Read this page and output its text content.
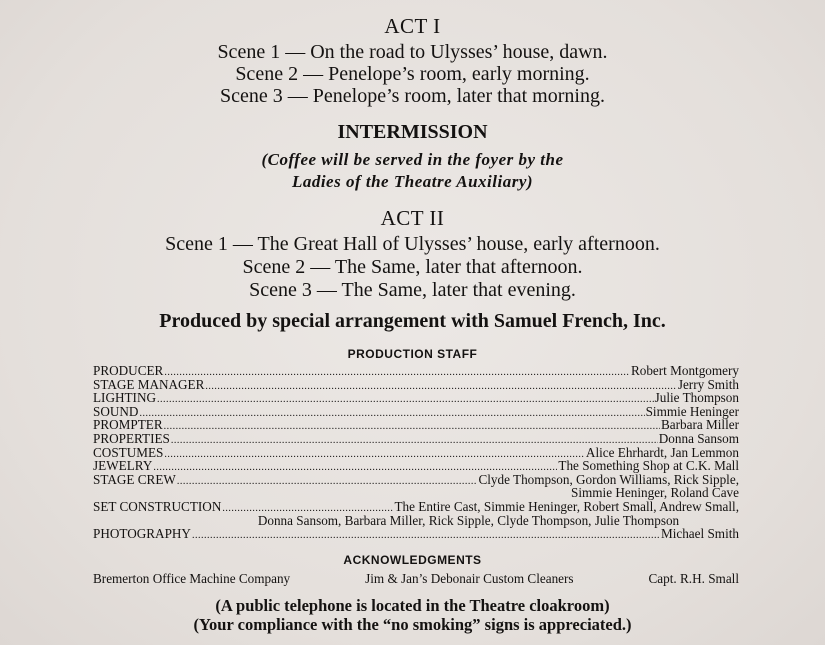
ACT I
Scene 1 — On the road to Ulysses’ house, dawn.
Scene 2 — Penelope’s room, early morning.
Scene 3 — Penelope’s room, later that morning.
INTERMISSION
(Coffee will be served in the foyer by the
Ladies of the Theatre Auxiliary)
ACT II
Scene 1 — The Great Hall of Ulysses’ house, early afternoon.
Scene 2 — The Same, later that afternoon.
Scene 3 — The Same, later that evening.
Produced by special arrangement with Samuel French, Inc.
PRODUCTION STAFF
PRODUCER .....	Robert Montgomery
STAGE MANAGER .....	Jerry Smith
LIGHTING .....	Julie Thompson
SOUND .....	Simmie Heninger
PROMPTER .....	Barbara Miller
PROPERTIES .....	Donna Sansom
COSTUMES .....	Alice Ehrhardt, Jan Lemmon
JEWELRY .....	The Something Shop at C.K. Mall
STAGE CREW .....	Clyde Thompson, Gordon Williams, Rick Sipple,
Simmie Heninger, Roland Cave
SET CONSTRUCTION .....	The Entire Cast, Simmie Heninger, Robert Small, Andrew Small,
Donna Sansom, Barbara Miller, Rick Sipple, Clyde Thompson, Julie Thompson
PHOTOGRAPHY .....	Michael Smith
ACKNOWLEDGMENTS
Bremerton Office Machine Company	Jim & Jan’s Debonair Custom Cleaners	Capt. R.H. Small
(A public telephone is located in the Theatre cloakroom)
(Your compliance with the “no smoking” signs is appreciated.)
